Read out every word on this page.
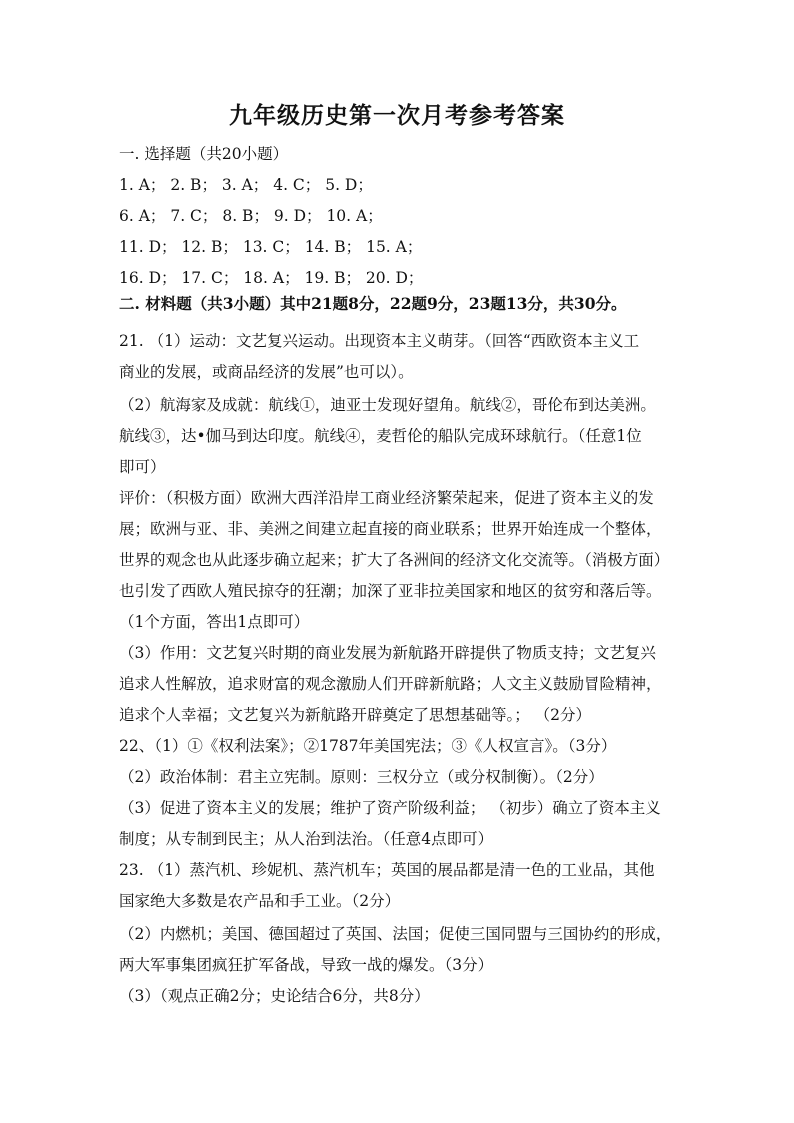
九年级历史第一次月考参考答案
一. 选择题（共20小题）
1. A； 2. B； 3. A； 4. C； 5. D；
6. A； 7. C； 8. B； 9. D； 10. A；
11. D； 12. B； 13. C； 14. B； 15. A；
16. D； 17. C； 18. A； 19. B； 20. D；
二. 材料题（共3小题）其中21题8分，22题9分，23题13分，共30分。
21. （1）运动：文艺复兴运动。出现资本主义萌芽。（回答“西欧资本主义工
商业的发展，或商品经济的发展”也可以）。
（2）航海家及成就：航线①，迪亚士发现好望角。航线②，哥伦布到达美洲。
航线③，达•伽马到达印度。航线④，麦哲伦的船队完成环球航行。（任意1位
即可）
评价：（积极方面）欧洲大西洋沿岸工商业经济繁荣起来，促进了资本主义的发
展；欧洲与亚、非、美洲之间建立起直接的商业联系；世界开始连成一个整体，
世界的观念也从此逐步确立起来；扩大了各洲间的经济文化交流等。（消极方面）
也引发了西欧人殖民掠夺的狂潮；加深了亚非拉美国家和地区的贫穷和落后等。
（1个方面，答出1点即可）
（3）作用：文艺复兴时期的商业发展为新航路开辟提供了物质支持；文艺复兴
追求人性解放，追求财富的观念激励人们开辟新航路；人文主义鼓励冒险精神，
追求个人幸福；文艺复兴为新航路开辟奠定了思想基础等。； （2分）
22、（1）①《权利法案》；②1787年美国宪法；③《人权宣言》。（3分）
（2）政治体制：君主立宪制。原则：三权分立（或分权制衡）。（2分）
（3）促进了资本主义的发展；维护了资产阶级利益； （初步）确立了资本主义
制度；从专制到民主；从人治到法治。（任意4点即可）
23. （1）蒸汽机、珍妮机、蒸汽机车；英国的展品都是清一色的工业品，其他
国家绝大多数是农产品和手工业。（2分）
（2）内燃机；美国、德国超过了英国、法国；促使三国同盟与三国协约的形成，
两大军事集团疯狂扩军备战，导致一战的爆发。（3分）
（3）（观点正确2分；史论结合6分，共8分）
